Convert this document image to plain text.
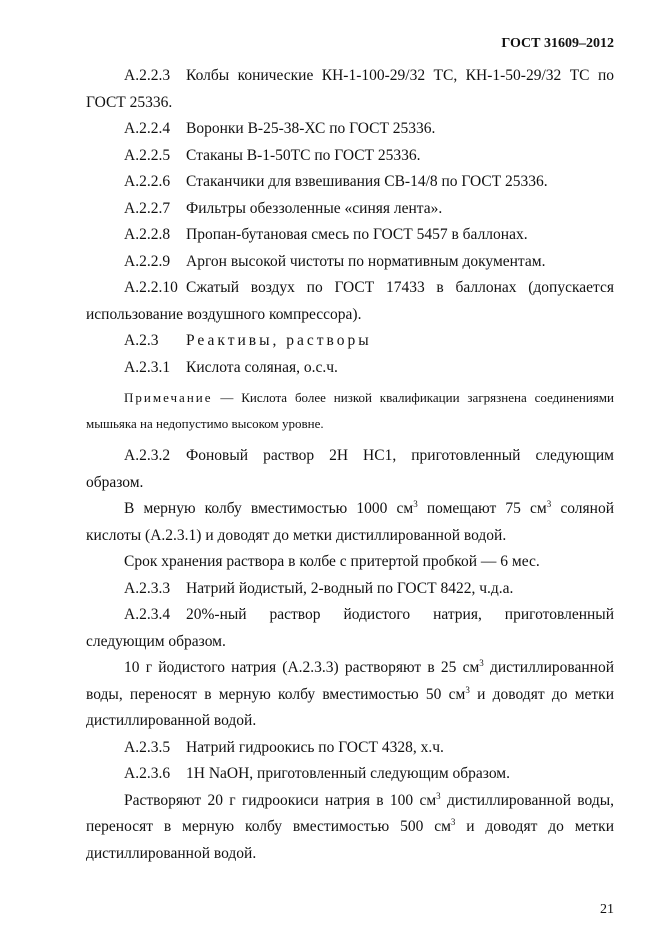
ГОСТ 31609–2012

А.2.2.3 Колбы конические КН-1-100-29/32 ТС, КН-1-50-29/32 ТС по ГОСТ 25336.

А.2.2.4 Воронки В-25-38-ХС по ГОСТ 25336.

А.2.2.5 Стаканы В-1-50ТС по ГОСТ 25336.

А.2.2.6 Стаканчики для взвешивания СВ-14/8 по ГОСТ 25336.

А.2.2.7 Фильтры обеззоленные «синяя лента».

А.2.2.8 Пропан-бутановая смесь по ГОСТ 5457 в баллонах.

А.2.2.9 Аргон высокой чистоты по нормативным документам.

А.2.2.10 Сжатый воздух по ГОСТ 17433 в баллонах (допускается использование воздушного компрессора).

А.2.3 Реактивы, растворы

А.2.3.1 Кислота соляная, о.с.ч.

Примечание — Кислота более низкой квалификации загрязнена соединениями мышьяка на недопустимо высоком уровне.

А.2.3.2 Фоновый раствор 2Н НС1, приготовленный следующим образом.

В мерную колбу вместимостью 1000 $см^3$ помещают 75 $см^3$ соляной кислоты (А.2.3.1) и доводят до метки дистиллированной водой.

Срок хранения раствора в колбе с притертой пробкой — 6 мес.

А.2.3.3 Натрий йодистый, 2-водный по ГОСТ 8422, ч.д.а.

А.2.3.4 20%-ный раствор йодистого натрия, приготовленный следующим образом.

10 г йодистого натрия (А.2.3.3) растворяют в 25 $см^3$ дистиллированной воды, переносят в мерную колбу вместимостью 50 $см^3$ и доводят до метки дистиллированной водой.

А.2.3.5 Натрий гидроокись по ГОСТ 4328, х.ч.

А.2.3.6 1Н NaOH, приготовленный следующим образом.

Растворяют 20 г гидроокиси натрия в 100 $см^3$ дистиллированной воды, переносят в мерную колбу вместимостью 500 $см^3$ и доводят до метки дистиллированной водой.

21
